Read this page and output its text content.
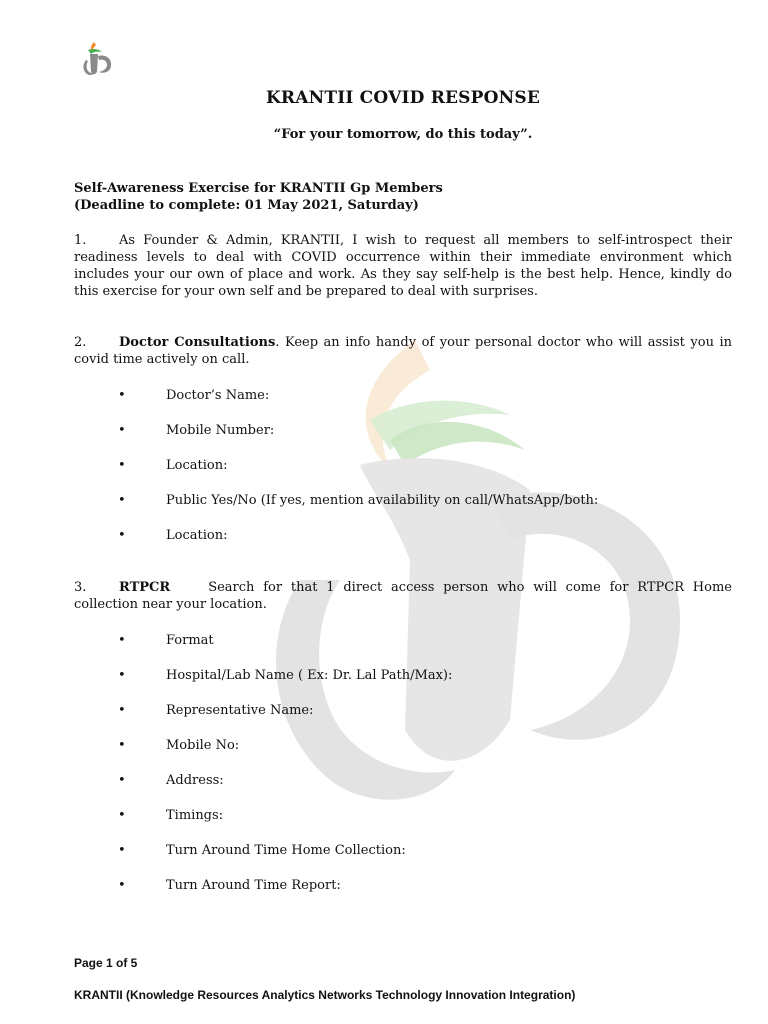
KRANTII COVID RESPONSE
“For your tomorrow, do this today”.
Self-Awareness Exercise for KRANTII Gp Members
(Deadline to complete: 01 May 2021, Saturday)
1.	As Founder & Admin, KRANTII, I wish to request all members to self-introspect their readiness levels to deal with COVID occurrence within their immediate environment which includes your our own of place and work. As they say self-help is the best help. Hence, kindly do this exercise for your own self and be prepared to deal with surprises.
2.	Doctor Consultations. Keep an info handy of your personal doctor who will assist you in covid time actively on call.
•	Doctor’s Name:
•	Mobile Number:
•	Location:
•	Public Yes/No (If yes, mention availability on call/WhatsApp/both:
•	Location:
3.	RTPCR	Search for that 1 direct access person who will come for RTPCR Home collection near your location.
•	Format
•	Hospital/Lab Name ( Ex: Dr. Lal Path/Max):
•	Representative Name:
•	Mobile No:
•	Address:
•	Timings:
•	Turn Around Time Home Collection:
•	Turn Around Time Report:
Page 1 of 5
KRANTII (Knowledge Resources Analytics Networks Technology Innovation Integration)
